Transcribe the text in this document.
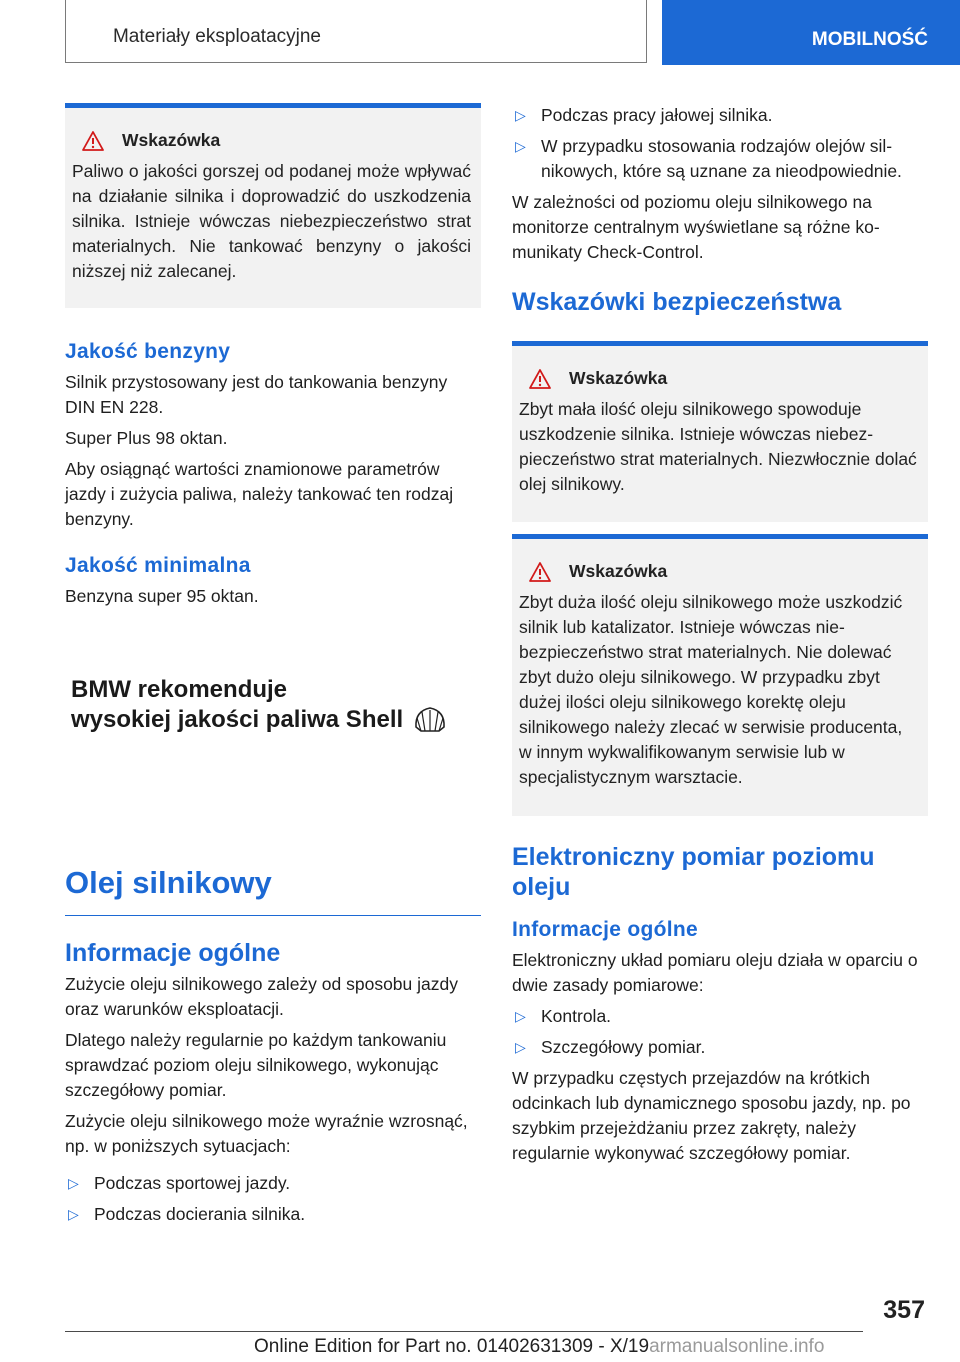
Materiały eksploatacyjne	MOBILNOŚĆ
Wskazówka
Paliwo o jakości gorszej od podanej może wpływać na działanie silnika i doprowadzić do uszkodzenia silnika. Istnieje wówczas niebezpieczeństwo strat materialnych. Nie tankować benzyny o jakości niższej niż zalecanej.
Jakość benzyny

Silnik przystosowany jest do tankowania benzyny DIN EN 228.

Super Plus 98 oktan.

Aby osiągnąć wartości znamionowe parametrów jazdy i zużycia paliwa, należy tankować ten rodzaj benzyny.

Jakość minimalna

Benzyna super 95 oktan.

BMW rekomenduje
wysokiej jakości paliwa Shell
Olej silnikowy
Informacje ogólne

Zużycie oleju silnikowego zależy od sposobu jazdy oraz warunków eksploatacji.

Dlatego należy regularnie po każdym tankowaniu sprawdzać poziom oleju silnikowego, wykonując szczegółowy pomiar.

Zużycie oleju silnikowego może wyraźnie wzrosnąć, np. w poniższych sytuacjach:

▷ Podczas sportowej jazdy.
▷ Podczas docierania silnika.
▷ Podczas pracy jałowej silnika.
▷ W przypadku stosowania rodzajów olejów silnikowych, które są uznane za nieodpowiednie.

W zależności od poziomu oleju silnikowego na monitorze centralnym wyświetlane są różne komunikaty Check-Control.

Wskazówki bezpieczeństwa
Wskazówka
Zbyt mała ilość oleju silnikowego spowoduje uszkodzenie silnika. Istnieje wówczas niebezpieczeństwo strat materialnych. Niezwłocznie dolać olej silnikowy.
Wskazówka
Zbyt duża ilość oleju silnikowego może uszkodzić silnik lub katalizator. Istnieje wówczas niebezpieczeństwo strat materialnych. Nie dolewać zbyt dużo oleju silnikowego. W przypadku zbyt dużej ilości oleju silnikowego korektę oleju silnikowego należy zlecać w serwisie producenta, w innym wykwalifikowanym serwisie lub w specjalistycznym warsztacie.
Elektroniczny pomiar poziomu oleju
Informacje ogólne

Elektroniczny układ pomiaru oleju działa w oparciu o dwie zasady pomiarowe:

▷ Kontrola.
▷ Szczegółowy pomiar.

W przypadku częstych przejazdów na krótkich odcinkach lub dynamicznego sposobu jazdy, np. po szybkim przejeżdżaniu przez zakręty, należy regularnie wykonywać szczegółowy pomiar.

357
Online Edition for Part no. 01402631309 - X/19armanualsonline.info
